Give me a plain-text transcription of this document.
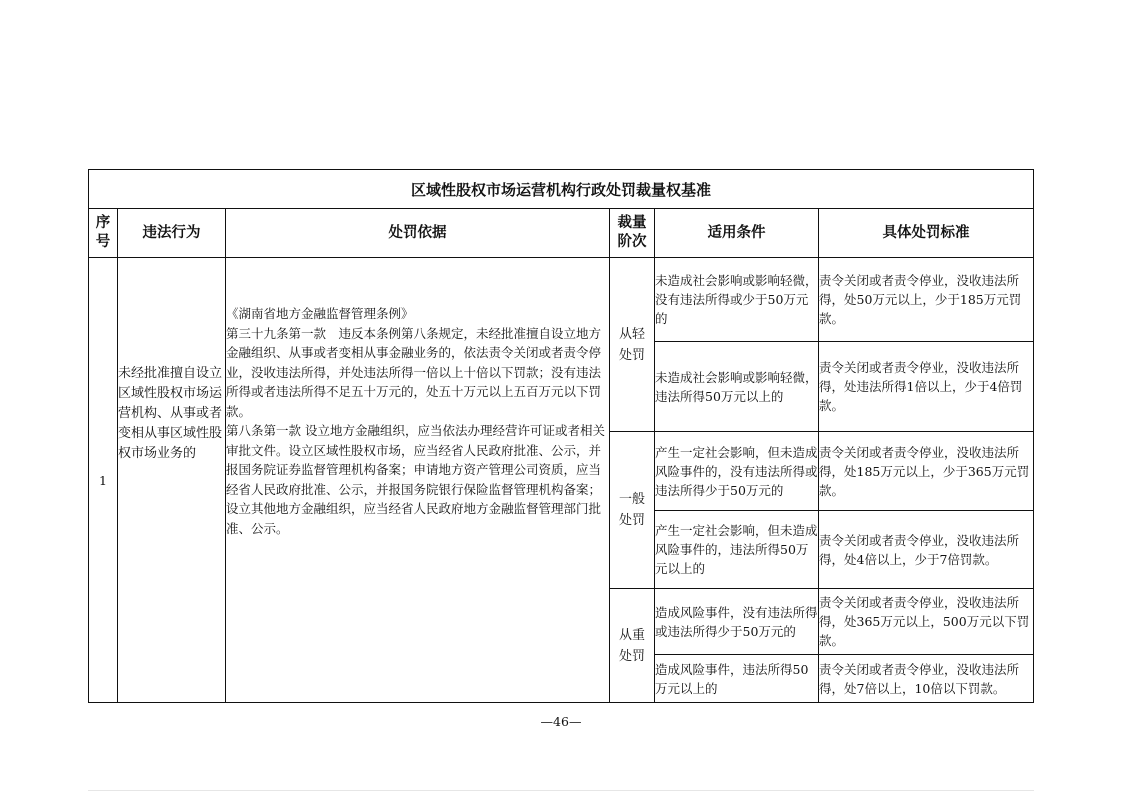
区域性股权市场运营机构行政处罚裁量权基准					
序号	违法行为	处罚依据	裁量阶次	适用条件	具体处罚标准
1	未经批准擅自设立区域性股权市场运营机构、从事或者变相从事区域性股权市场业务的	《湖南省地方金融监督管理条例》
第三十九条第一款　违反本条例第八条规定，未经批准擅自设立地方金融组织、从事或者变相从事金融业务的，依法责令关闭或者责令停业，没收违法所得，并处违法所得一倍以上十倍以下罚款；没有违法所得或者违法所得不足五十万元的，处五十万元以上五百万元以下罚款。
第八条第一款 设立地方金融组织，应当依法办理经营许可证或者相关审批文件。设立区域性股权市场，应当经省人民政府批准、公示，并报国务院证券监督管理机构备案；申请地方资产管理公司资质，应当经省人民政府批准、公示，并报国务院银行保险监督管理机构备案；设立其他地方金融组织，应当经省人民政府地方金融监督管理部门批准、公示。	从轻处罚	未造成社会影响或影响轻微，没有违法所得或少于50万元的	责令关闭或者责令停业，没收违法所得，处50万元以上，少于185万元罚款。
				未造成社会影响或影响轻微，违法所得50万元以上的	责令关闭或者责令停业，没收违法所得，处违法所得1倍以上，少于4倍罚款。
			一般处罚	产生一定社会影响，但未造成风险事件的，没有违法所得或违法所得少于50万元的	责令关闭或者责令停业，没收违法所得，处185万元以上，少于365万元罚款。
				产生一定社会影响，但未造成风险事件的，违法所得50万元以上的	责令关闭或者责令停业，没收违法所得，处4倍以上，少于7倍罚款。
			从重处罚	造成风险事件，没有违法所得或违法所得少于50万元的	责令关闭或者责令停业，没收违法所得，处365万元以上，500万元以下罚款。
				造成风险事件，违法所得50万元以上的	责令关闭或者责令停业，没收违法所得，处7倍以上，10倍以下罚款。
—46—
